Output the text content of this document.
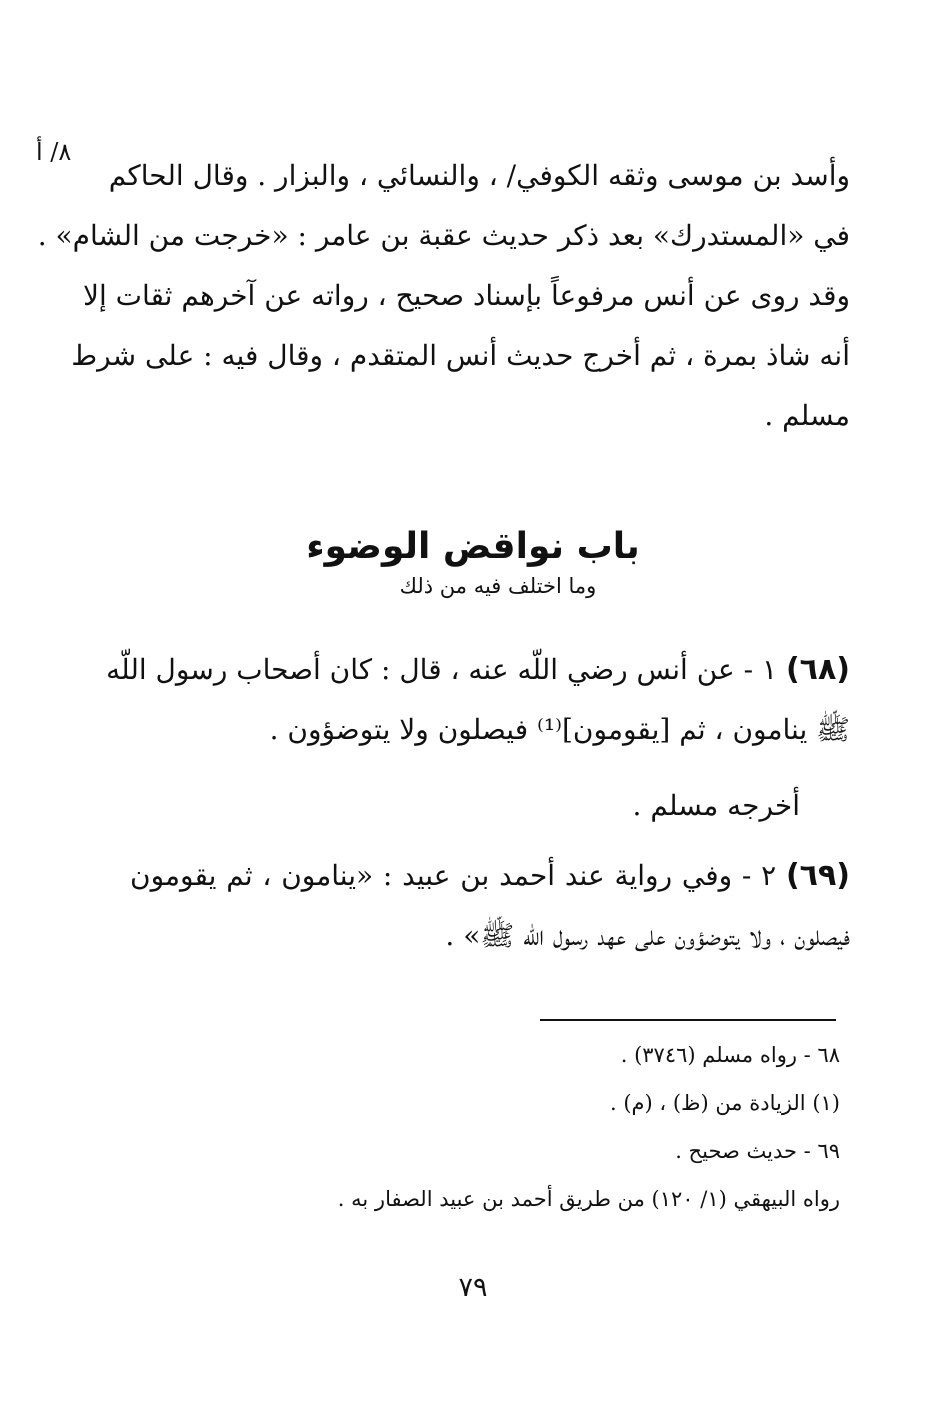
٨/ أ
وأسد بن موسى وثقه الكوفي/ ، والنسائي ، والبزار . وقال الحاكم
في «المستدرك» بعد ذكر حديث عقبة بن عامر : «خرجت من الشام» .
وقد روى عن أنس مرفوعاً بإسناد صحيح ، رواته عن آخرهم ثقات إلا
أنه شاذ بمرة ، ثم أخرج حديث أنس المتقدم ، وقال فيه : على شرط
مسلم .
باب نواقض الوضوء
وما اختلف فيه من ذلك
(٦٨) ١ - عن أنس رضي اللّه عنه ، قال : كان أصحاب رسول اللّه
ﷺ ينامون ، ثم [يقومون]⁽¹⁾ فيصلون ولا يتوضؤون .
أخرجه مسلم .
(٦٩) ٢ - وفي رواية عند أحمد بن عبيد : «ينامون ، ثم يقومون
فيصلون ، ولا يتوضؤون على عهد رسول اللّه ﷺ» .
٦٨ - رواه مسلم (٣٧٤٦) .
(١) الزيادة من (ظ) ، (م) .
٦٩ - حديث صحيح .
رواه البيهقي (١/ ١٢٠) من طريق أحمد بن عبيد الصفار به .
٧٩
